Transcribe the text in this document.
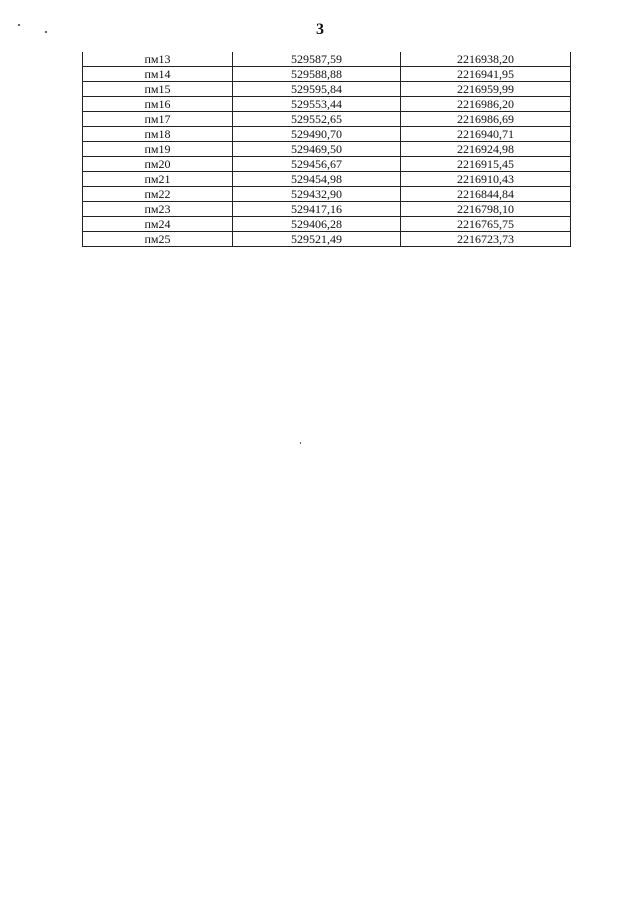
3
пм13	529587,59	2216938,20
пм14	529588,88	2216941,95
пм15	529595,84	2216959,99
пм16	529553,44	2216986,20
пм17	529552,65	2216986,69
пм18	529490,70	2216940,71
пм19	529469,50	2216924,98
пм20	529456,67	2216915,45
пм21	529454,98	2216910,43
пм22	529432,90	2216844,84
пм23	529417,16	2216798,10
пм24	529406,28	2216765,75
пм25	529521,49	2216723,73
